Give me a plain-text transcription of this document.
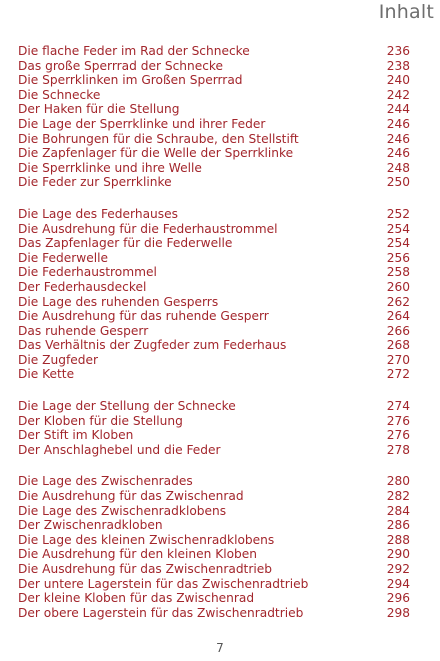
Inhalt
Die flache Feder im Rad der Schnecke	236
Das große Sperrrad der Schnecke	238
Die Sperrklinken im Großen Sperrrad	240
Die Schnecke	242
Der Haken für die Stellung	244
Die Lage der Sperrklinke und ihrer Feder	246
Die Bohrungen für die Schraube, den Stellstift	246
Die Zapfenlager für die Welle der Sperrklinke	246
Die Sperrklinke und ihre Welle	248
Die Feder zur Sperrklinke	250
Die Lage des Federhauses	252
Die Ausdrehung für die Federhaustrommel	254
Das Zapfenlager für die Federwelle	254
Die Federwelle	256
Die Federhaustrommel	258
Der Federhausdeckel	260
Die Lage des ruhenden Gesperrs	262
Die Ausdrehung für das ruhende Gesperr	264
Das ruhende Gesperr	266
Das Verhältnis der Zugfeder zum Federhaus	268
Die Zugfeder	270
Die Kette	272
Die Lage der Stellung der Schnecke	274
Der Kloben für die Stellung	276
Der Stift im Kloben	276
Der Anschlaghebel und die Feder	278
Die Lage des Zwischenrades	280
Die Ausdrehung für das Zwischenrad	282
Die Lage des Zwischenradklobens	284
Der Zwischenradkloben	286
Die Lage des kleinen Zwischenradklobens	288
Die Ausdrehung für den kleinen Kloben	290
Die Ausdrehung für das Zwischenradtrieb	292
Der untere Lagerstein für das Zwischenradtrieb	294
Der kleine Kloben für das Zwischenrad	296
Der obere Lagerstein für das Zwischenradtrieb	298
7
